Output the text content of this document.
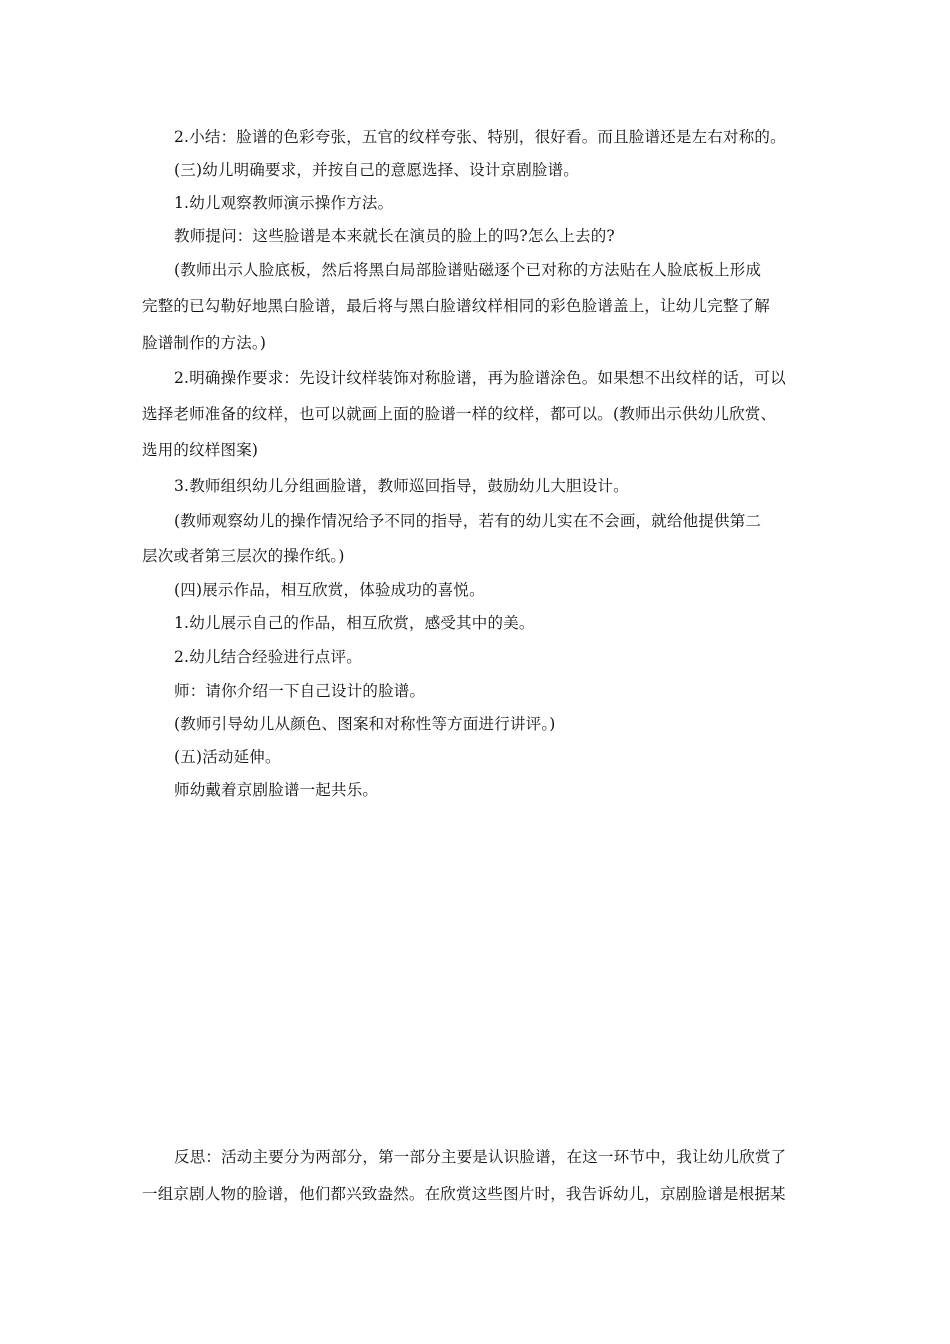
2.小结：脸谱的色彩夸张，五官的纹样夸张、特别，很好看。而且脸谱还是左右对称的。
(三)幼儿明确要求，并按自己的意愿选择、设计京剧脸谱。
1.幼儿观察教师演示操作方法。
教师提问：这些脸谱是本来就长在演员的脸上的吗?怎么上去的?
(教师出示人脸底板，然后将黑白局部脸谱贴磁逐个已对称的方法贴在人脸底板上形成
完整的已勾勒好地黑白脸谱，最后将与黑白脸谱纹样相同的彩色脸谱盖上，让幼儿完整了解
脸谱制作的方法。)
2.明确操作要求：先设计纹样装饰对称脸谱，再为脸谱涂色。如果想不出纹样的话，可以
选择老师准备的纹样，也可以就画上面的脸谱一样的纹样，都可以。(教师出示供幼儿欣赏、
选用的纹样图案)
3.教师组织幼儿分组画脸谱，教师巡回指导，鼓励幼儿大胆设计。
(教师观察幼儿的操作情况给予不同的指导，若有的幼儿实在不会画，就给他提供第二
层次或者第三层次的操作纸。)
(四)展示作品，相互欣赏，体验成功的喜悦。
1.幼儿展示自己的作品，相互欣赏，感受其中的美。
2.幼儿结合经验进行点评。
师：请你介绍一下自己设计的脸谱。
(教师引导幼儿从颜色、图案和对称性等方面进行讲评。)
(五)活动延伸。
师幼戴着京剧脸谱一起共乐。
反思：活动主要分为两部分，第一部分主要是认识脸谱，在这一环节中，我让幼儿欣赏了
一组京剧人物的脸谱，他们都兴致盎然。在欣赏这些图片时，我告诉幼儿，京剧脸谱是根据某
